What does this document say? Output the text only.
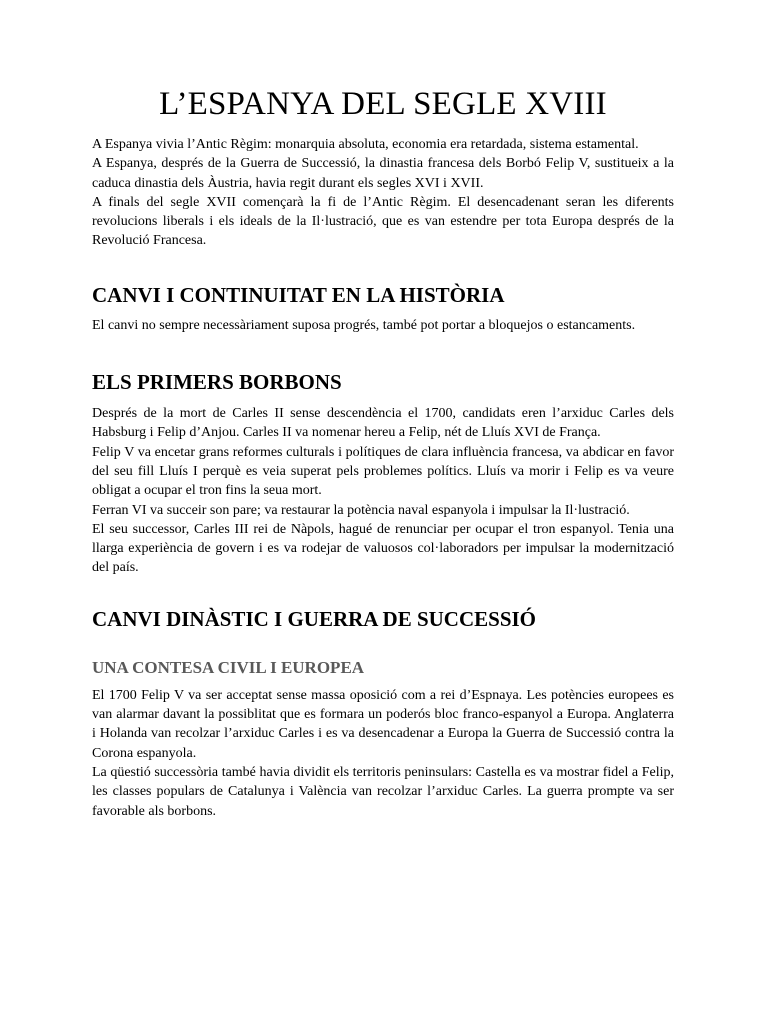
L’ESPANYA DEL SEGLE XVIII

A Espanya vivia l’Antic Règim: monarquia absoluta, economia era retardada, sistema estamental.

A Espanya, després de la Guerra de Successió, la dinastia francesa dels Borbó Felip V, sustitueix a la caduca dinastia dels Àustria, havia regit durant els segles XVI i XVII.

A finals del segle XVII començarà la fi de l’Antic Règim. El desencadenant seran les diferents revolucions liberals i els ideals de la Il·lustració, que es van estendre per tota Europa després de la Revolució Francesa.

CANVI I CONTINUITAT EN LA HISTÒRIA

El canvi no sempre necessàriament suposa progrés, també pot portar a bloquejos o estancaments.

ELS PRIMERS BORBONS

Després de la mort de Carles II sense descendència el 1700, candidats eren l’arxiduc Carles dels Habsburg i Felip d’Anjou. Carles II va nomenar hereu a Felip, nét de Lluís XVI de França.

Felip V va encetar grans reformes culturals i polítiques de clara influència francesa, va abdicar en favor del seu fill Lluís I perquè es veia superat pels problemes polítics. Lluís va morir i Felip es va veure obligat a ocupar el tron fins la seua mort.

Ferran VI va succeir son pare; va restaurar la potència naval espanyola i impulsar la Il·lustració.

El seu successor, Carles III rei de Nàpols, hagué de renunciar per ocupar el tron espanyol. Tenia una llarga experiència de govern i es va rodejar de valuosos col·laboradors per impulsar la modernització del país.

CANVI DINÀSTIC I GUERRA DE SUCCESSIÓ
UNA CONTESA CIVIL I EUROPEA

El 1700 Felip V va ser acceptat sense massa oposició com a rei d’Espnaya. Les potències europees es van alarmar davant la possiblitat que es formara un poderós bloc franco-espanyol a Europa. Anglaterra i Holanda van recolzar l’arxiduc Carles i es va desencadenar a Europa la Guerra de Successió contra la Corona espanyola.

La qüestió successòria també havia dividit els territoris peninsulars: Castella es va mostrar fidel a Felip, les classes populars de Catalunya i València van recolzar l’arxiduc Carles. La guerra prompte va ser favorable als borbons.
